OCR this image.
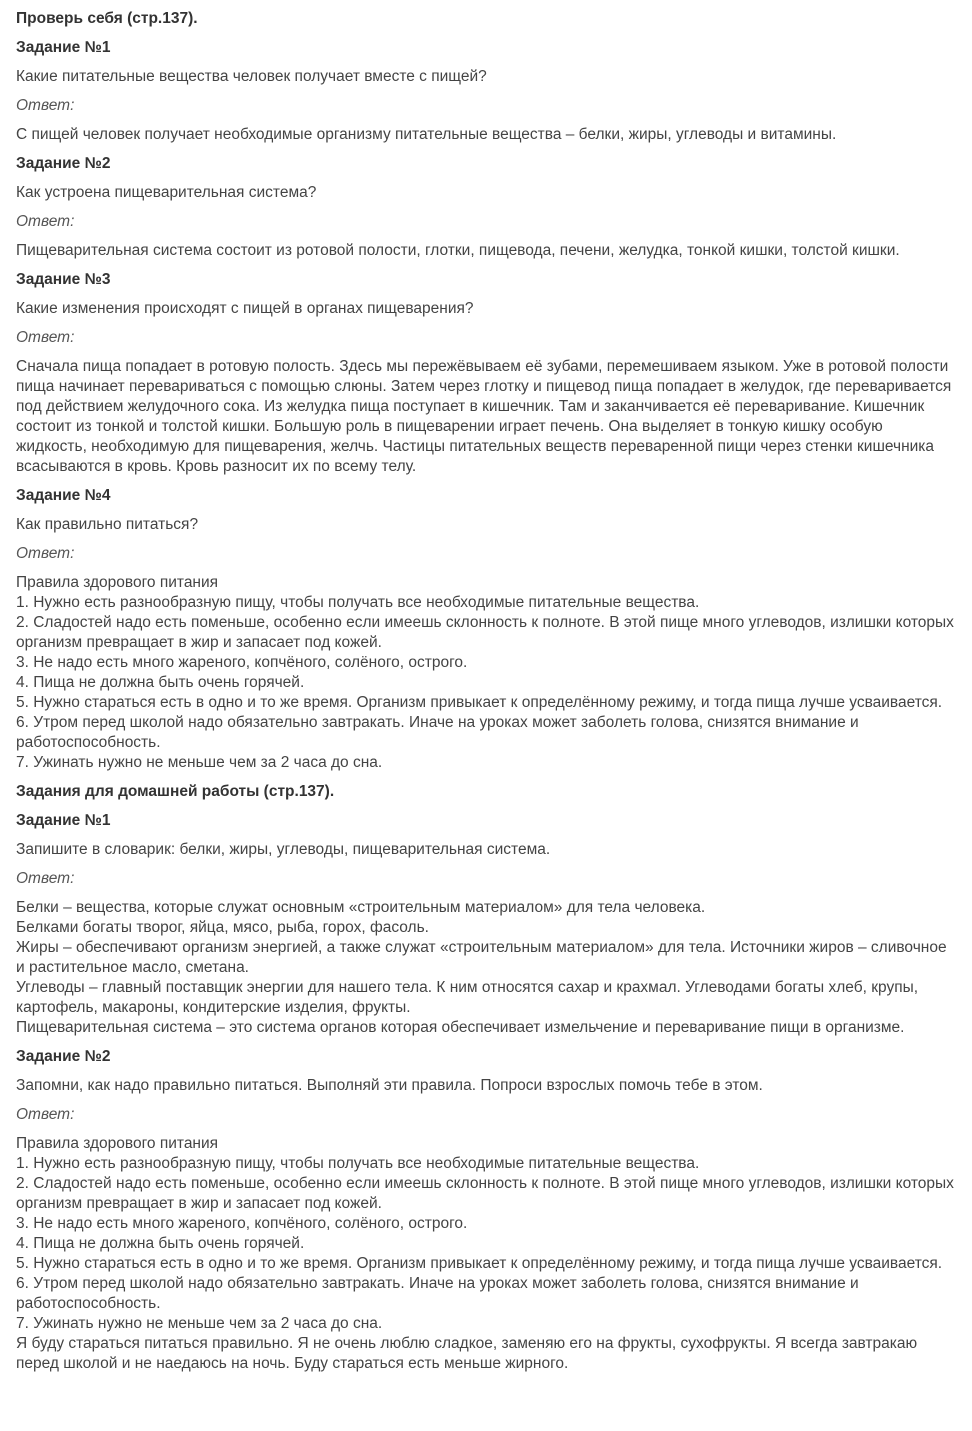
Проверь себя (стр.137).
Задание №1
Какие питательные вещества человек получает вместе с пищей?
Ответ:
С пищей человек получает необходимые организму питательные вещества – белки, жиры, углеводы и витамины.
Задание №2
Как устроена пищеварительная система?
Ответ:
Пищеварительная система состоит из ротовой полости, глотки, пищевода, печени, желудка, тонкой кишки, толстой кишки.
Задание №3
Какие изменения происходят с пищей в органах пищеварения?
Ответ:
Сначала пища попадает в ротовую полость. Здесь мы пережёвываем её зубами, перемешиваем языком. Уже в ротовой полости пища начинает перевариваться с помощью слюны. Затем через глотку и пищевод пища попадает в желудок, где переваривается под действием желудочного сока. Из желудка пища поступает в кишечник. Там и заканчивается её переваривание. Кишечник состоит из тонкой и толстой кишки. Большую роль в пищеварении играет печень. Она выделяет в тонкую кишку особую жидкость, необходимую для пищеварения, желчь. Частицы питательных веществ переваренной пищи через стенки кишечника всасываются в кровь. Кровь разносит их по всему телу.
Задание №4
Как правильно питаться?
Ответ:
Правила здорового питания
1. Нужно есть разнообразную пищу, чтобы получать все необходимые питательные вещества.
2. Сладостей надо есть поменьше, особенно если имеешь склонность к полноте. В этой пище много углеводов, излишки которых организм превращает в жир и запасает под кожей.
3. Не надо есть много жареного, копчёного, солёного, острого.
4. Пища не должна быть очень горячей.
5. Нужно стараться есть в одно и то же время. Организм привыкает к определённому режиму, и тогда пища лучше усваивается.
6. Утром перед школой надо обязательно завтракать. Иначе на уроках может заболеть голова, снизятся внимание и работоспособность.
7. Ужинать нужно не меньше чем за 2 часа до сна.
Задания для домашней работы (стр.137).
Задание №1
Запишите в словарик: белки, жиры, углеводы, пищеварительная система.
Ответ:
Белки – вещества, которые служат основным «строительным материалом» для тела человека.
Белками богаты творог, яйца, мясо, рыба, горох, фасоль.
Жиры – обеспечивают организм энергией, а также служат «строительным материалом» для тела. Источники жиров – сливочное и растительное масло, сметана.
Углеводы – главный поставщик энергии для нашего тела. К ним относятся сахар и крахмал. Углеводами богаты хлеб, крупы, картофель, макароны, кондитерские изделия, фрукты.
Пищеварительная система – это система органов которая обеспечивает измельчение и переваривание пищи в организме.
Задание №2
Запомни, как надо правильно питаться. Выполняй эти правила. Попроси взрослых помочь тебе в этом.
Ответ:
Правила здорового питания
1. Нужно есть разнообразную пищу, чтобы получать все необходимые питательные вещества.
2. Сладостей надо есть поменьше, особенно если имеешь склонность к полноте. В этой пище много углеводов, излишки которых организм превращает в жир и запасает под кожей.
3. Не надо есть много жареного, копчёного, солёного, острого.
4. Пища не должна быть очень горячей.
5. Нужно стараться есть в одно и то же время. Организм привыкает к определённому режиму, и тогда пища лучше усваивается.
6. Утром перед школой надо обязательно завтракать. Иначе на уроках может заболеть голова, снизятся внимание и работоспособность.
7. Ужинать нужно не меньше чем за 2 часа до сна.
Я буду стараться питаться правильно. Я не очень люблю сладкое, заменяю его на фрукты, сухофрукты. Я всегда завтракаю перед школой и не наедаюсь на ночь. Буду стараться есть меньше жирного.
